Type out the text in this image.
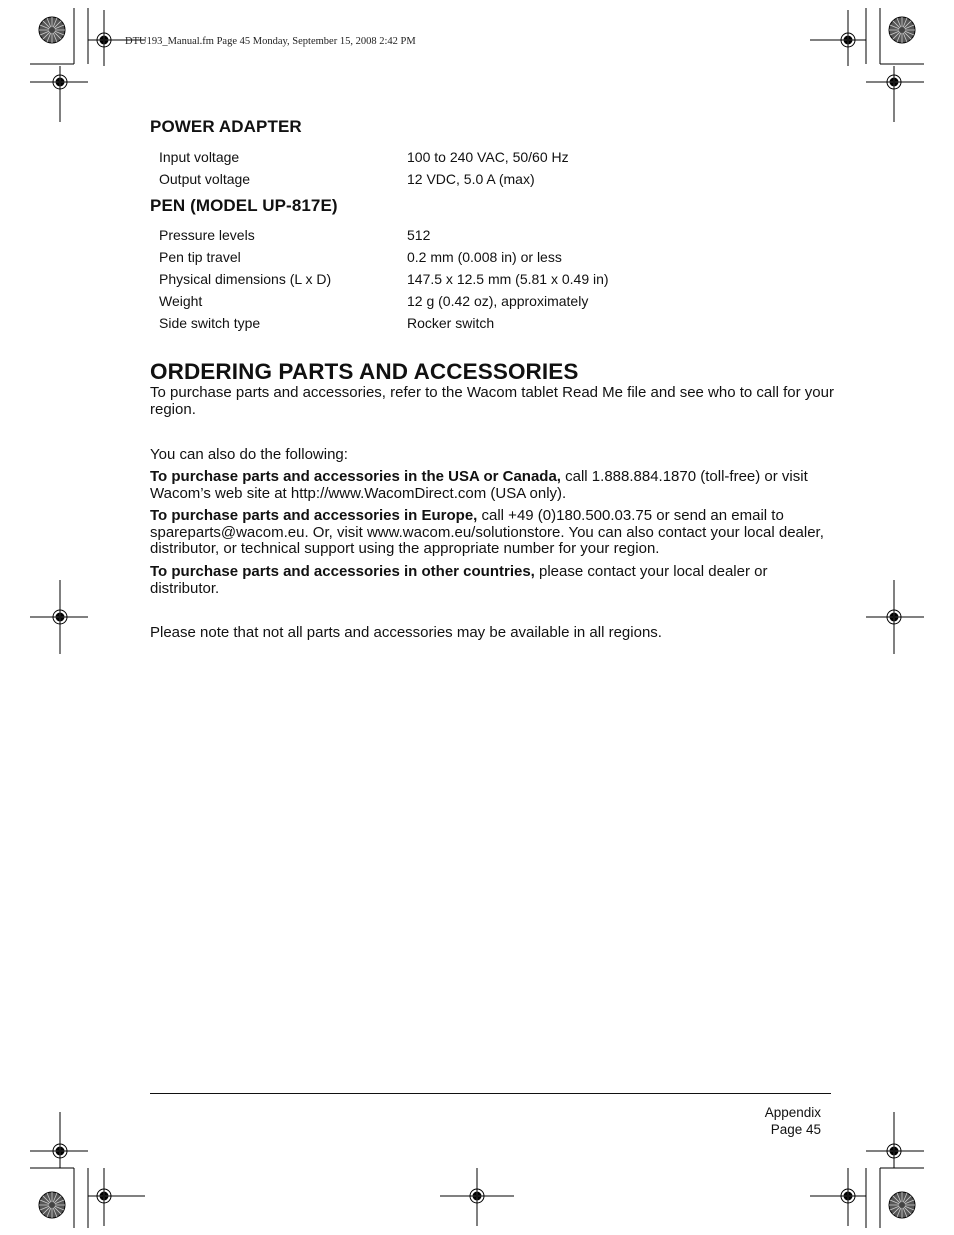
DTU193_Manual.fm Page 45 Monday, September 15, 2008 2:42 PM
POWER ADAPTER
Input voltage	100 to 240 VAC, 50/60 Hz
Output voltage	12 VDC, 5.0 A (max)
PEN (MODEL UP-817E)
Pressure levels	512
Pen tip travel	0.2 mm (0.008 in) or less
Physical dimensions (L x D)	147.5 x 12.5 mm (5.81 x 0.49 in)
Weight	12 g (0.42 oz), approximately
Side switch type	Rocker switch
ORDERING PARTS AND ACCESSORIES
To purchase parts and accessories, refer to the Wacom tablet Read Me file and see who to call for your region.
You can also do the following:
To purchase parts and accessories in the USA or Canada, call 1.888.884.1870 (toll-free) or visit Wacom’s web site at http://www.WacomDirect.com (USA only).
To purchase parts and accessories in Europe, call +49 (0)180.500.03.75 or send an email to spareparts@wacom.eu. Or, visit www.wacom.eu/solutionstore. You can also contact your local dealer, distributor, or technical support using the appropriate number for your region.
To purchase parts and accessories in other countries, please contact your local dealer or distributor.
Please note that not all parts and accessories may be available in all regions.
Appendix
Page 45
